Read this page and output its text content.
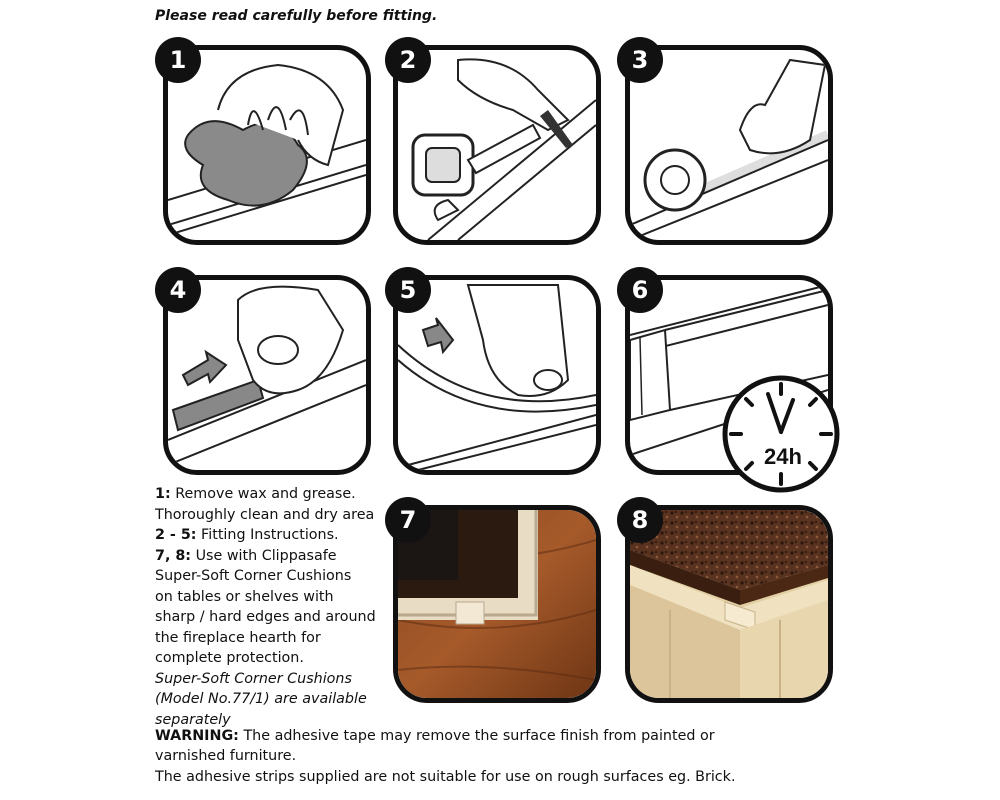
Please read carefully before fitting.
1	2	3
4	5	6
24h
1: Remove wax and grease.
Thoroughly clean and dry area
2 - 5: Fitting Instructions.
7, 8: Use with Clippasafe
Super-Soft Corner Cushions
on tables or shelves with
sharp / hard edges and around
the fireplace hearth for
complete protection.
Super-Soft Corner Cushions
(Model No.77/1) are available
separately
7	8
WARNING: The adhesive tape may remove the surface finish from painted or
varnished furniture.
The adhesive strips supplied are not suitable for use on rough surfaces eg. Brick.
